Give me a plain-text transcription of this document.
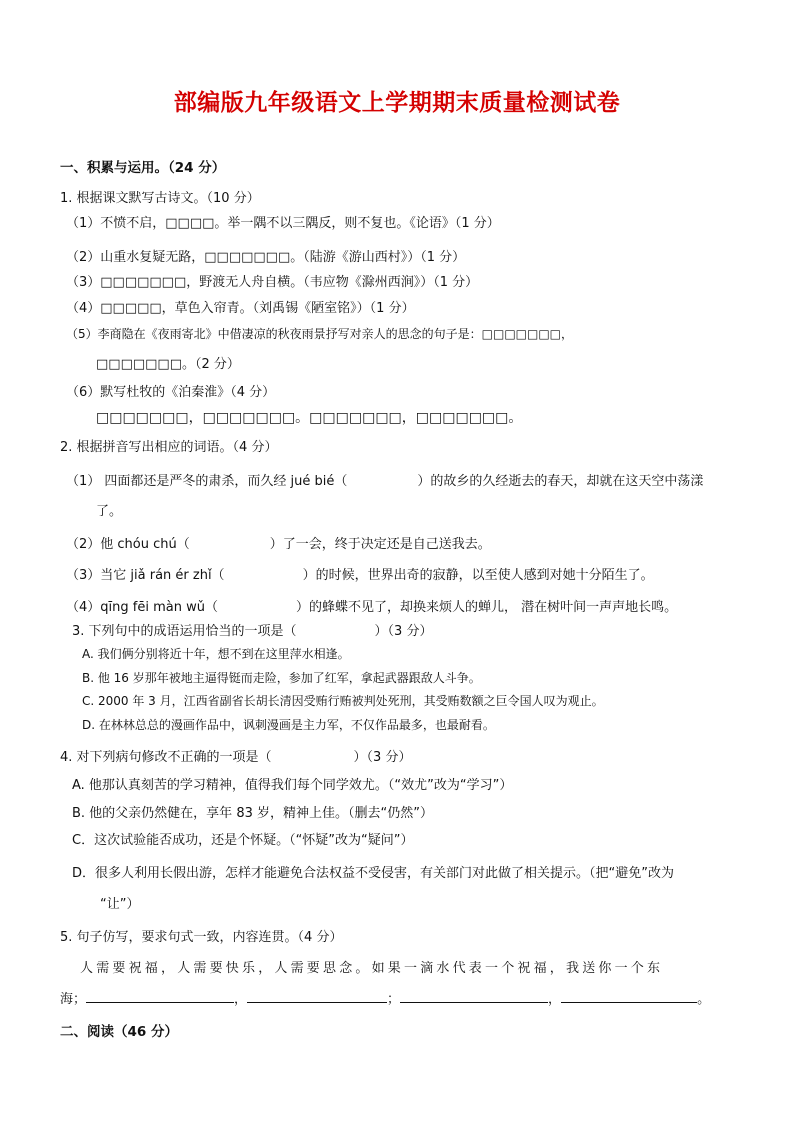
部编版九年级语文上学期期末质量检测试卷
一、积累与运用。（24 分）
1. 根据课文默写古诗文。（10 分）
（1）不愤不启，□□□□。举一隅不以三隅反，则不复也。《论语》（1 分）
（2）山重水复疑无路，□□□□□□□。（陆游《游山西村》）（1 分）
（3）□□□□□□□，野渡无人舟自横。（韦应物《滁州西涧》）（1 分）
（4）□□□□□，草色入帘青。（刘禹锡《陋室铭》）（1 分）
（5）李商隐在《夜雨寄北》中借凄凉的秋夜雨景抒写对亲人的思念的句子是：□□□□□□□，
□□□□□□□。（2 分）
（6）默写杜牧的《泊秦淮》（4 分）
□□□□□□□，□□□□□□□。□□□□□□□，□□□□□□□。
2. 根据拼音写出相应的词语。（4 分）
（1） 四面都还是严冬的肃杀，而久经 jué bié（	）的故乡的久经逝去的春天，却就在这天空中荡漾
了。
（2）他 chóu chú（	）了一会，终于决定还是自己送我去。
（3）当它 jiǎ rán ér zhǐ（	）的时候，世界出奇的寂静，以至使人感到对她十分陌生了。
（4）qīng fēi màn wǔ（	）的蜂蝶不见了，却换来烦人的蝉儿， 潜在树叶间一声声地长鸣。
3. 下列句中的成语运用恰当的一项是（	）（3 分）
A. 我们俩分别将近十年，想不到在这里萍水相逢。
B. 他 16 岁那年被地主逼得铤而走险，参加了红军，拿起武器跟敌人斗争。
C. 2000 年 3 月，江西省副省长胡长清因受贿行贿被判处死刑，其受贿数额之巨令国人叹为观止。
D. 在林林总总的漫画作品中，讽刺漫画是主力军，不仅作品最多，也最耐看。
4. 对下列病句修改不正确的一项是（	）（3 分）
A. 他那认真刻苦的学习精神，值得我们每个同学效尤。（“效尤”改为“学习”）
B. 他的父亲仍然健在，享年 83 岁，精神上佳。（删去“仍然”）
C．这次试验能否成功，还是个怀疑。（“怀疑”改为“疑问”）
D．很多人利用长假出游，怎样才能避免合法权益不受侵害，有关部门对此做了相关提示。（把“避免”改为
“让”）
5. 句子仿写，要求句式一致，内容连贯。（4 分）
人需要祝福，人需要快乐，人需要思念。如果一滴水代表一个祝福，我送你一个东
海；	，	；	，	。
二、阅读（46 分）
